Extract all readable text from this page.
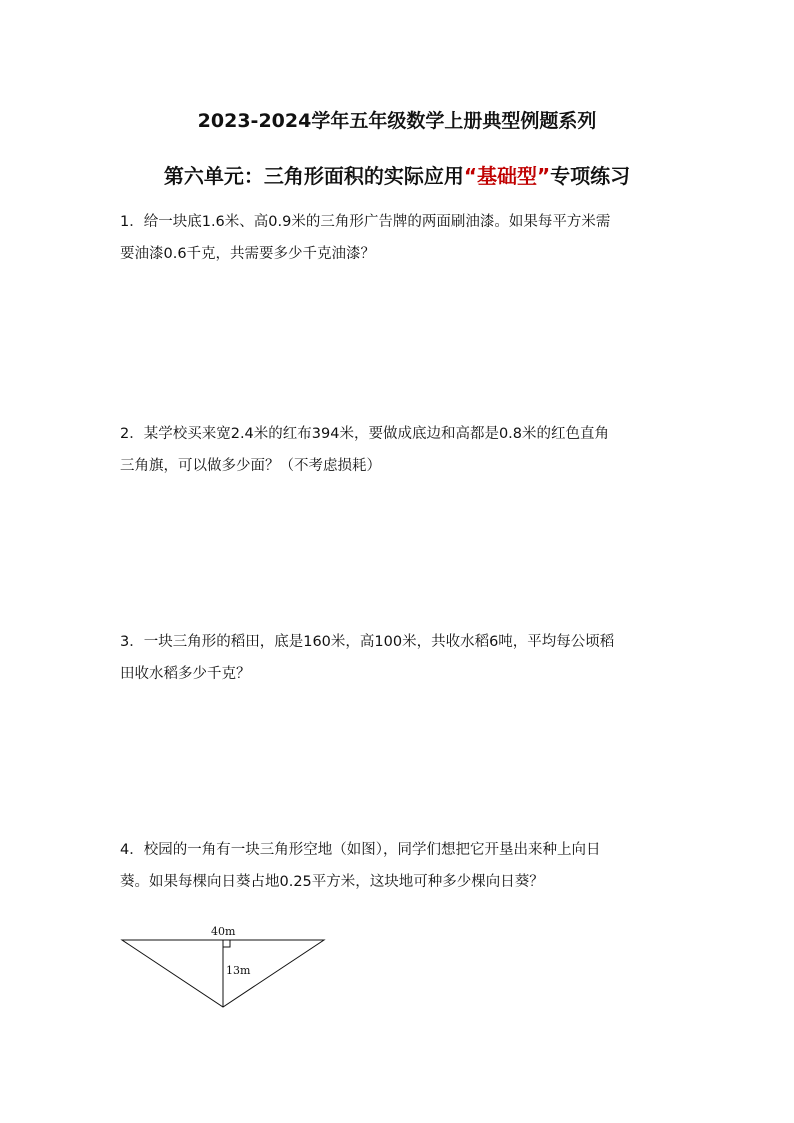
2023-2024学年五年级数学上册典型例题系列
第六单元：三角形面积的实际应用“基础型”专项练习
1．给一块底1.6米、高0.9米的三角形广告牌的两面刷油漆。如果每平方米需
要油漆0.6千克，共需要多少千克油漆？
2．某学校买来宽2.4米的红布394米，要做成底边和高都是0.8米的红色直角
三角旗，可以做多少面？（不考虑损耗）
3．一块三角形的稻田，底是160米，高100米，共收水稻6吨，平均每公顷稻
田收水稻多少千克？
4．校园的一角有一块三角形空地（如图），同学们想把它开垦出来种上向日
葵。如果每棵向日葵占地0.25平方米，这块地可种多少棵向日葵？
40m
13m
